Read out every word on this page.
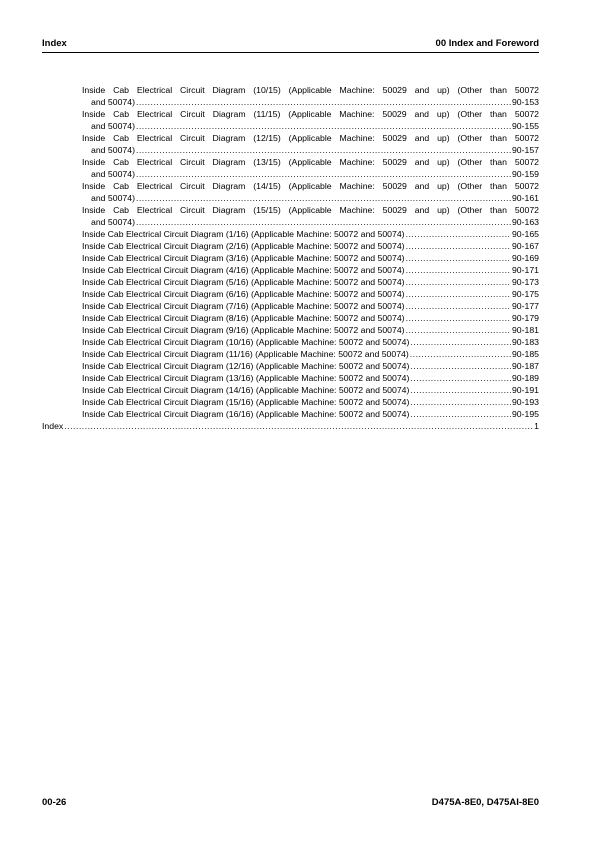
Index	00 Index and Foreword
Inside Cab Electrical Circuit Diagram (10/15) (Applicable Machine: 50029 and up) (Other than 50072
and 50074) .....	90-153
Inside Cab Electrical Circuit Diagram (11/15) (Applicable Machine: 50029 and up) (Other than 50072
and 50074) .....	90-155
Inside Cab Electrical Circuit Diagram (12/15) (Applicable Machine: 50029 and up) (Other than 50072
and 50074) .....	90-157
Inside Cab Electrical Circuit Diagram (13/15) (Applicable Machine: 50029 and up) (Other than 50072
and 50074) .....	90-159
Inside Cab Electrical Circuit Diagram (14/15) (Applicable Machine: 50029 and up) (Other than 50072
and 50074) .....	90-161
Inside Cab Electrical Circuit Diagram (15/15) (Applicable Machine: 50029 and up) (Other than 50072
and 50074) .....	90-163
Inside Cab Electrical Circuit Diagram (1/16) (Applicable Machine: 50072 and 50074) .....	90-165
Inside Cab Electrical Circuit Diagram (2/16) (Applicable Machine: 50072 and 50074) .....	90-167
Inside Cab Electrical Circuit Diagram (3/16) (Applicable Machine: 50072 and 50074) .....	90-169
Inside Cab Electrical Circuit Diagram (4/16) (Applicable Machine: 50072 and 50074) .....	90-171
Inside Cab Electrical Circuit Diagram (5/16) (Applicable Machine: 50072 and 50074) .....	90-173
Inside Cab Electrical Circuit Diagram (6/16) (Applicable Machine: 50072 and 50074) .....	90-175
Inside Cab Electrical Circuit Diagram (7/16) (Applicable Machine: 50072 and 50074) .....	90-177
Inside Cab Electrical Circuit Diagram (8/16) (Applicable Machine: 50072 and 50074) .....	90-179
Inside Cab Electrical Circuit Diagram (9/16) (Applicable Machine: 50072 and 50074) .....	90-181
Inside Cab Electrical Circuit Diagram (10/16) (Applicable Machine: 50072 and 50074) .....	90-183
Inside Cab Electrical Circuit Diagram (11/16) (Applicable Machine: 50072 and 50074) .....	90-185
Inside Cab Electrical Circuit Diagram (12/16) (Applicable Machine: 50072 and 50074) .....	90-187
Inside Cab Electrical Circuit Diagram (13/16) (Applicable Machine: 50072 and 50074) .....	90-189
Inside Cab Electrical Circuit Diagram (14/16) (Applicable Machine: 50072 and 50074) .....	90-191
Inside Cab Electrical Circuit Diagram (15/16) (Applicable Machine: 50072 and 50074) .....	90-193
Inside Cab Electrical Circuit Diagram (16/16) (Applicable Machine: 50072 and 50074) .....	90-195
Index .....	1
00-26	D475A-8E0, D475AI-8E0
